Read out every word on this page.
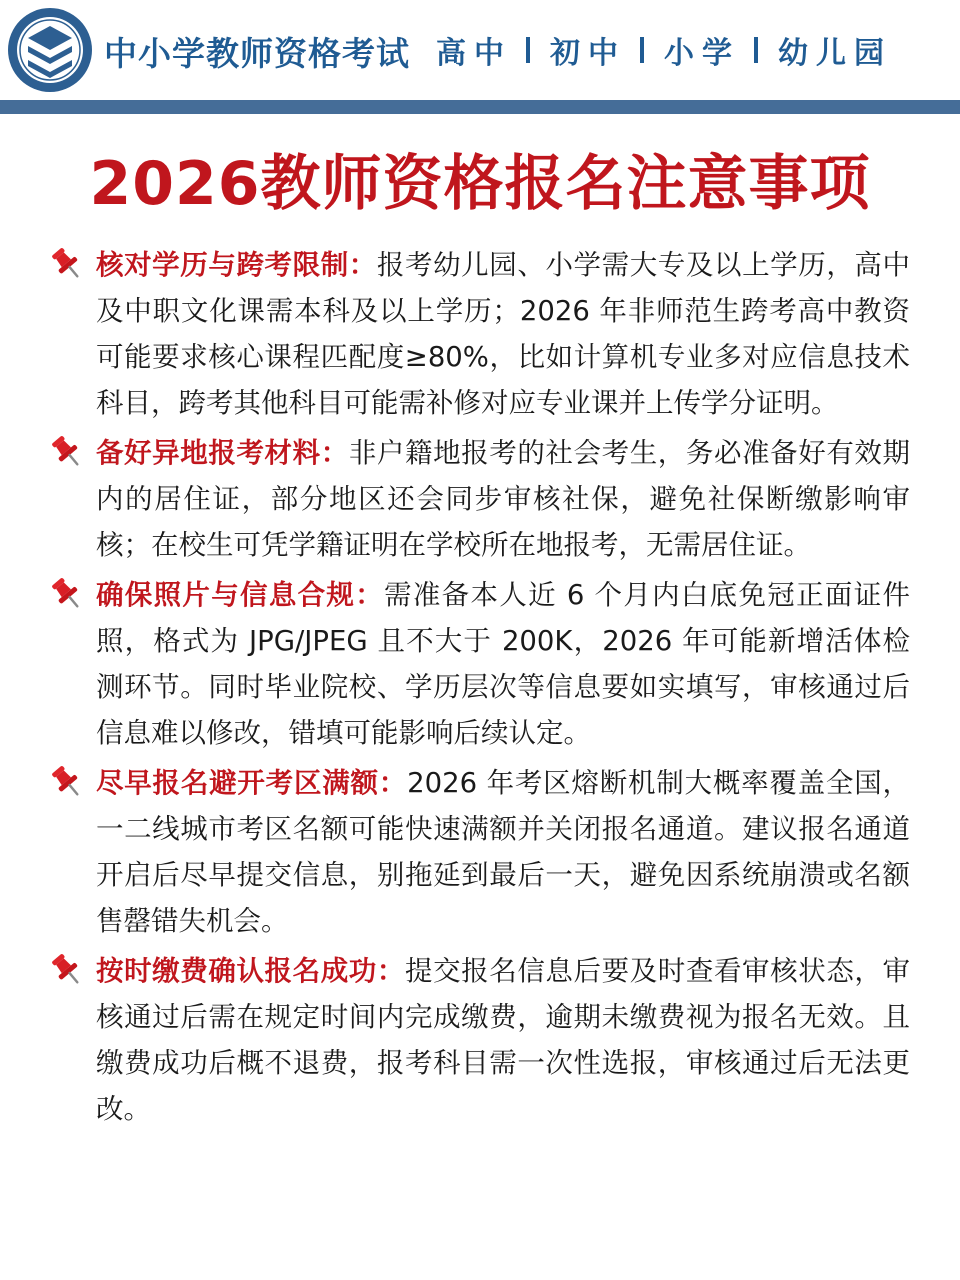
中小学教师资格考试 高中 初中 小学 幼儿园
2026教师资格报名注意事项

核对学历与跨考限制：报考幼儿园、小学需大专及以上学历，高中及中职文化课需本科及以上学历；2026 年非师范生跨考高中教资可能要求核心课程匹配度≥80%，比如计算机专业多对应信息技术科目，跨考其他科目可能需补修对应专业课并上传学分证明。

备好异地报考材料：非户籍地报考的社会考生，务必准备好有效期内的居住证，部分地区还会同步审核社保，避免社保断缴影响审核；在校生可凭学籍证明在学校所在地报考，无需居住证。

确保照片与信息合规：需准备本人近 6 个月内白底免冠正面证件照，格式为 JPG/JPEG 且不大于 200K，2026 年可能新增活体检测环节。同时毕业院校、学历层次等信息要如实填写，审核通过后信息难以修改，错填可能影响后续认定。

尽早报名避开考区满额：2026 年考区熔断机制大概率覆盖全国，一二线城市考区名额可能快速满额并关闭报名通道。建议报名通道开启后尽早提交信息，别拖延到最后一天，避免因系统崩溃或名额售罄错失机会。

按时缴费确认报名成功：提交报名信息后要及时查看审核状态，审核通过后需在规定时间内完成缴费，逾期未缴费视为报名无效。且缴费成功后概不退费，报考科目需一次性选报，审核通过后无法更改。
